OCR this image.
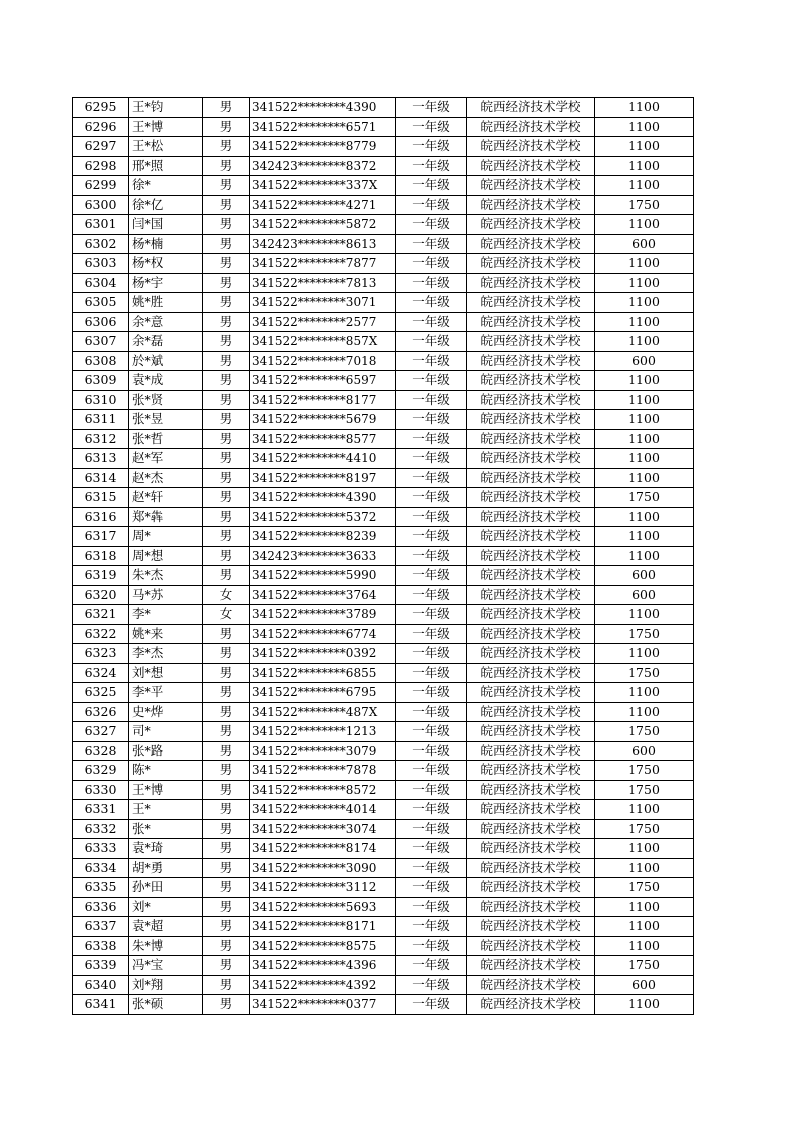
6295	王*钧	男	341522********4390	一年级	皖西经济技术学校	1100
6296	王*博	男	341522********6571	一年级	皖西经济技术学校	1100
6297	王*松	男	341522********8779	一年级	皖西经济技术学校	1100
6298	邢*照	男	342423********8372	一年级	皖西经济技术学校	1100
6299	徐*	男	341522********337X	一年级	皖西经济技术学校	1100
6300	徐*亿	男	341522********4271	一年级	皖西经济技术学校	1750
6301	闫*国	男	341522********5872	一年级	皖西经济技术学校	1100
6302	杨*楠	男	342423********8613	一年级	皖西经济技术学校	600
6303	杨*权	男	341522********7877	一年级	皖西经济技术学校	1100
6304	杨*宇	男	341522********7813	一年级	皖西经济技术学校	1100
6305	姚*胜	男	341522********3071	一年级	皖西经济技术学校	1100
6306	余*意	男	341522********2577	一年级	皖西经济技术学校	1100
6307	余*磊	男	341522********857X	一年级	皖西经济技术学校	1100
6308	於*斌	男	341522********7018	一年级	皖西经济技术学校	600
6309	袁*成	男	341522********6597	一年级	皖西经济技术学校	1100
6310	张*贤	男	341522********8177	一年级	皖西经济技术学校	1100
6311	张*昱	男	341522********5679	一年级	皖西经济技术学校	1100
6312	张*哲	男	341522********8577	一年级	皖西经济技术学校	1100
6313	赵*军	男	341522********4410	一年级	皖西经济技术学校	1100
6314	赵*杰	男	341522********8197	一年级	皖西经济技术学校	1100
6315	赵*轩	男	341522********4390	一年级	皖西经济技术学校	1750
6316	郑*犇	男	341522********5372	一年级	皖西经济技术学校	1100
6317	周*	男	341522********8239	一年级	皖西经济技术学校	1100
6318	周*想	男	342423********3633	一年级	皖西经济技术学校	1100
6319	朱*杰	男	341522********5990	一年级	皖西经济技术学校	600
6320	马*苏	女	341522********3764	一年级	皖西经济技术学校	600
6321	李*	女	341522********3789	一年级	皖西经济技术学校	1100
6322	姚*来	男	341522********6774	一年级	皖西经济技术学校	1750
6323	李*杰	男	341522********0392	一年级	皖西经济技术学校	1100
6324	刘*想	男	341522********6855	一年级	皖西经济技术学校	1750
6325	李*平	男	341522********6795	一年级	皖西经济技术学校	1100
6326	史*烨	男	341522********487X	一年级	皖西经济技术学校	1100
6327	司*	男	341522********1213	一年级	皖西经济技术学校	1750
6328	张*路	男	341522********3079	一年级	皖西经济技术学校	600
6329	陈*	男	341522********7878	一年级	皖西经济技术学校	1750
6330	王*博	男	341522********8572	一年级	皖西经济技术学校	1750
6331	王*	男	341522********4014	一年级	皖西经济技术学校	1100
6332	张*	男	341522********3074	一年级	皖西经济技术学校	1750
6333	袁*琦	男	341522********8174	一年级	皖西经济技术学校	1100
6334	胡*勇	男	341522********3090	一年级	皖西经济技术学校	1100
6335	孙*田	男	341522********3112	一年级	皖西经济技术学校	1750
6336	刘*	男	341522********5693	一年级	皖西经济技术学校	1100
6337	袁*超	男	341522********8171	一年级	皖西经济技术学校	1100
6338	朱*博	男	341522********8575	一年级	皖西经济技术学校	1100
6339	冯*宝	男	341522********4396	一年级	皖西经济技术学校	1750
6340	刘*翔	男	341522********4392	一年级	皖西经济技术学校	600
6341	张*硕	男	341522********0377	一年级	皖西经济技术学校	1100
